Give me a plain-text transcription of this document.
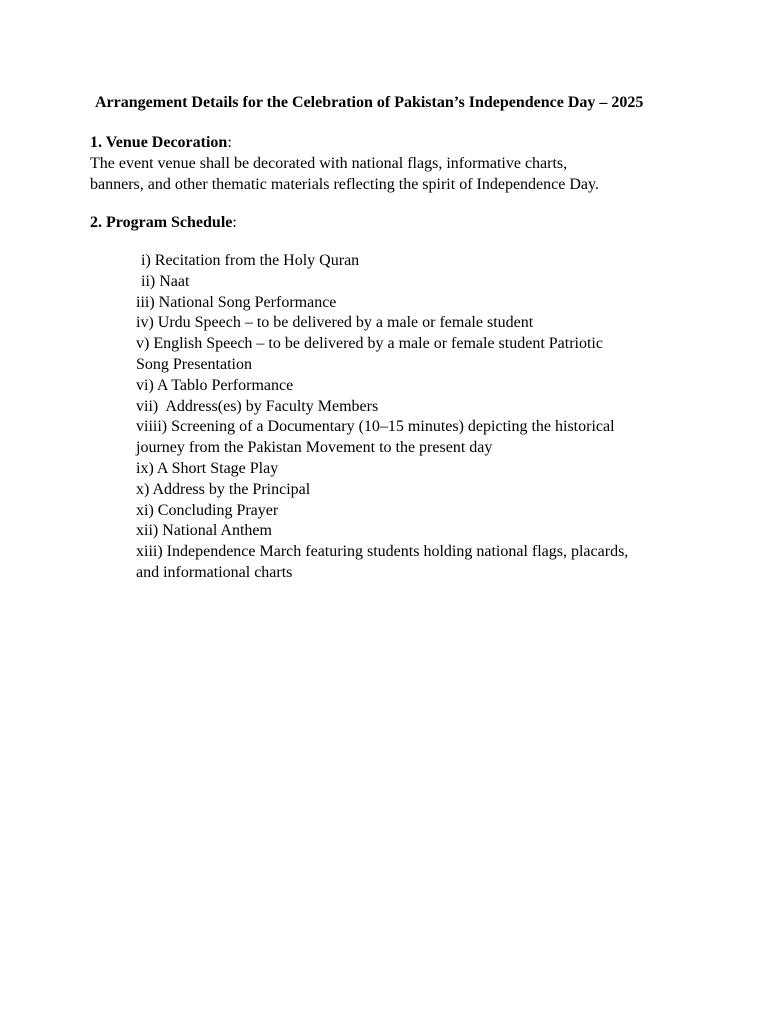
Arrangement Details for the Celebration of Pakistan’s Independence Day – 2025
1. Venue Decoration:
The event venue shall be decorated with national flags, informative charts,
banners, and other thematic materials reflecting the spirit of Independence Day.
2. Program Schedule:
i) Recitation from the Holy Quran
ii) Naat
iii) National Song Performance
iv) Urdu Speech – to be delivered by a male or female student
v) English Speech – to be delivered by a male or female student Patriotic
Song Presentation
vi) A Tablo Performance
vii)  Address(es) by Faculty Members
viiii) Screening of a Documentary (10–15 minutes) depicting the historical
journey from the Pakistan Movement to the present day
ix) A Short Stage Play
x) Address by the Principal
xi) Concluding Prayer
xii) National Anthem
xiii) Independence March featuring students holding national flags, placards,
and informational charts
